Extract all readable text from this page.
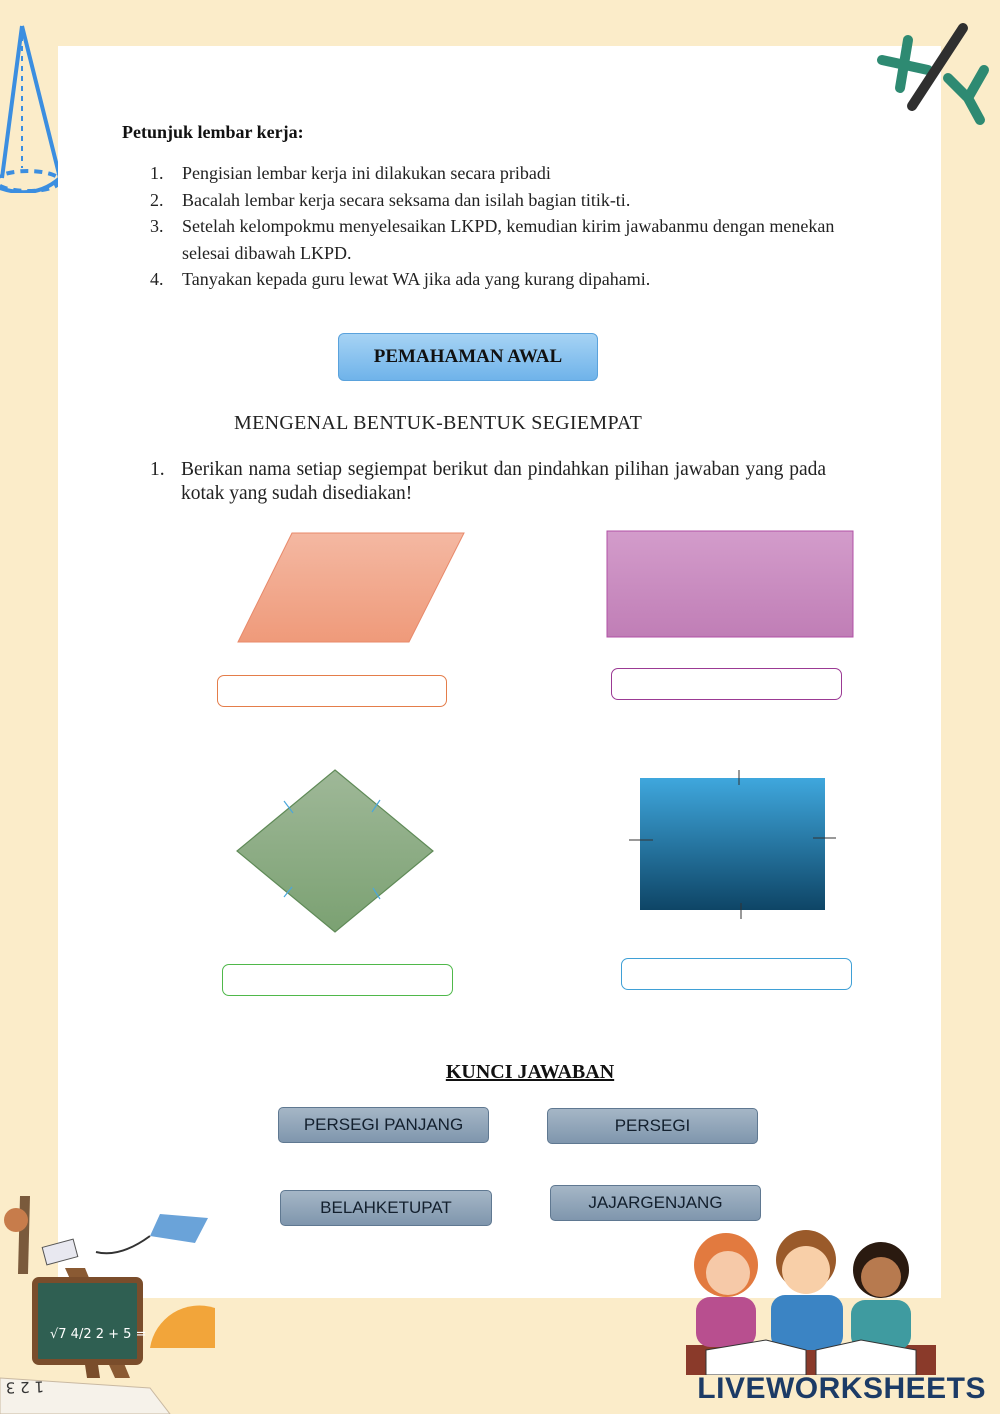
Petunjuk lembar kerja:
1. Pengisian lembar kerja ini dilakukan secara pribadi
2. Bacalah lembar kerja secara seksama dan isilah bagian titik-ti.
3. Setelah kelompokmu menyelesaikan LKPD, kemudian kirim jawabanmu dengan menekan selesai dibawah LKPD.
4. Tanyakan kepada guru lewat WA jika ada yang kurang dipahami.
PEMAHAMAN AWAL
MENGENAL BENTUK-BENTUK SEGIEMPAT
1. Berikan nama setiap segiempat berikut dan pindahkan pilihan jawaban yang pada kotak yang sudah disediakan!
KUNCI JAWABAN
PERSEGI PANJANG	PERSEGI
BELAHKETUPAT	JAJARGENJANG
√7 4/2 2 + 5 =
1 2 3	LIVEWORKSHEETS
